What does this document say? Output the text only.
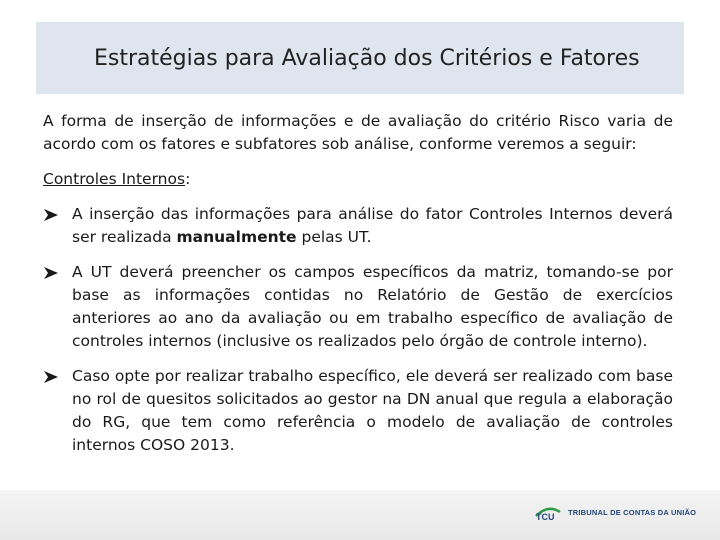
Estratégias para Avaliação dos Critérios e Fatores

A forma de inserção de informações e de avaliação do critério Risco varia de acordo com os fatores e subfatores sob análise, conforme veremos a seguir:

Controles Internos:

A inserção das informações para análise do fator Controles Internos deverá ser realizada manualmente pelas UT.
A UT deverá preencher os campos específicos da matriz, tomando-se por base as informações contidas no Relatório de Gestão de exercícios anteriores ao ano da avaliação ou em trabalho específico de avaliação de controles internos (inclusive os realizados pelo órgão de controle interno).
Caso opte por realizar trabalho específico, ele deverá ser realizado com base no rol de quesitos solicitados ao gestor na DN anual que regula a elaboração do RG, que tem como referência o modelo de avaliação de controles internos COSO 2013.
TCU TRIBUNAL DE CONTAS DA UNIÃO
